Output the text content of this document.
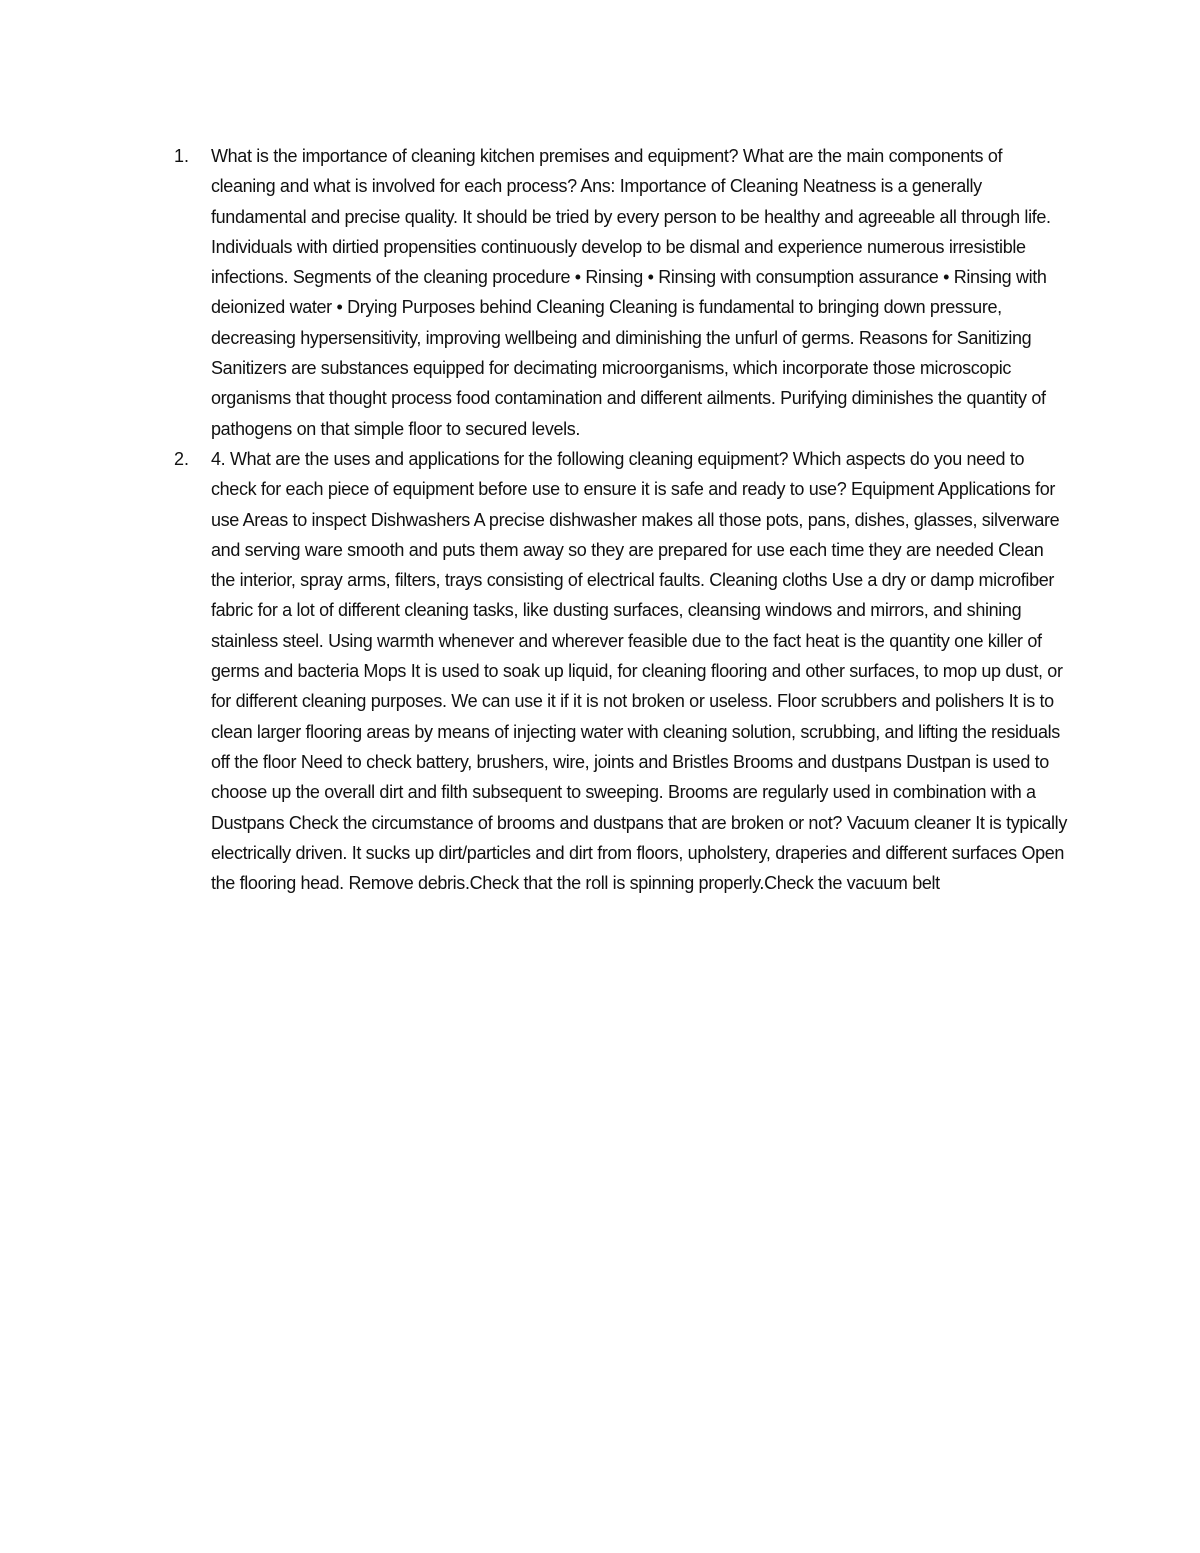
1.	What is the importance of cleaning kitchen premises and equipment? What are the main components of cleaning and what is involved for each process? Ans: Importance of Cleaning Neatness is a generally fundamental and precise quality. It should be tried by every person to be healthy and agreeable all through life. Individuals with dirtied propensities continuously develop to be dismal and experience numerous irresistible infections. Segments of the cleaning procedure • Rinsing • Rinsing with consumption assurance • Rinsing with deionized water • Drying Purposes behind Cleaning Cleaning is fundamental to bringing down pressure, decreasing hypersensitivity, improving wellbeing and diminishing the unfurl of germs. Reasons for Sanitizing Sanitizers are substances equipped for decimating microorganisms, which incorporate those microscopic organisms that thought process food contamination and different ailments. Purifying diminishes the quantity of pathogens on that simple floor to secured levels.
2.	4. What are the uses and applications for the following cleaning equipment? Which aspects do you need to check for each piece of equipment before use to ensure it is safe and ready to use? Equipment Applications for use Areas to inspect Dishwashers A precise dishwasher makes all those pots, pans, dishes, glasses, silverware and serving ware smooth and puts them away so they are prepared for use each time they are needed Clean the interior, spray arms, filters, trays consisting of electrical faults. Cleaning cloths Use a dry or damp microfiber fabric for a lot of different cleaning tasks, like dusting surfaces, cleansing windows and mirrors, and shining stainless steel. Using warmth whenever and wherever feasible due to the fact heat is the quantity one killer of germs and bacteria Mops It is used to soak up liquid, for cleaning flooring and other surfaces, to mop up dust, or for different cleaning purposes. We can use it if it is not broken or useless. Floor scrubbers and polishers It is to clean larger flooring areas by means of injecting water with cleaning solution, scrubbing, and lifting the residuals off the floor Need to check battery, brushers, wire, joints and Bristles Brooms and dustpans Dustpan is used to choose up the overall dirt and filth subsequent to sweeping. Brooms are regularly used in combination with a Dustpans Check the circumstance of brooms and dustpans that are broken or not? Vacuum cleaner It is typically electrically driven. It sucks up dirt/particles and dirt from floors, upholstery, draperies and different surfaces Open the flooring head. Remove debris.Check that the roll is spinning properly.Check the vacuum belt
